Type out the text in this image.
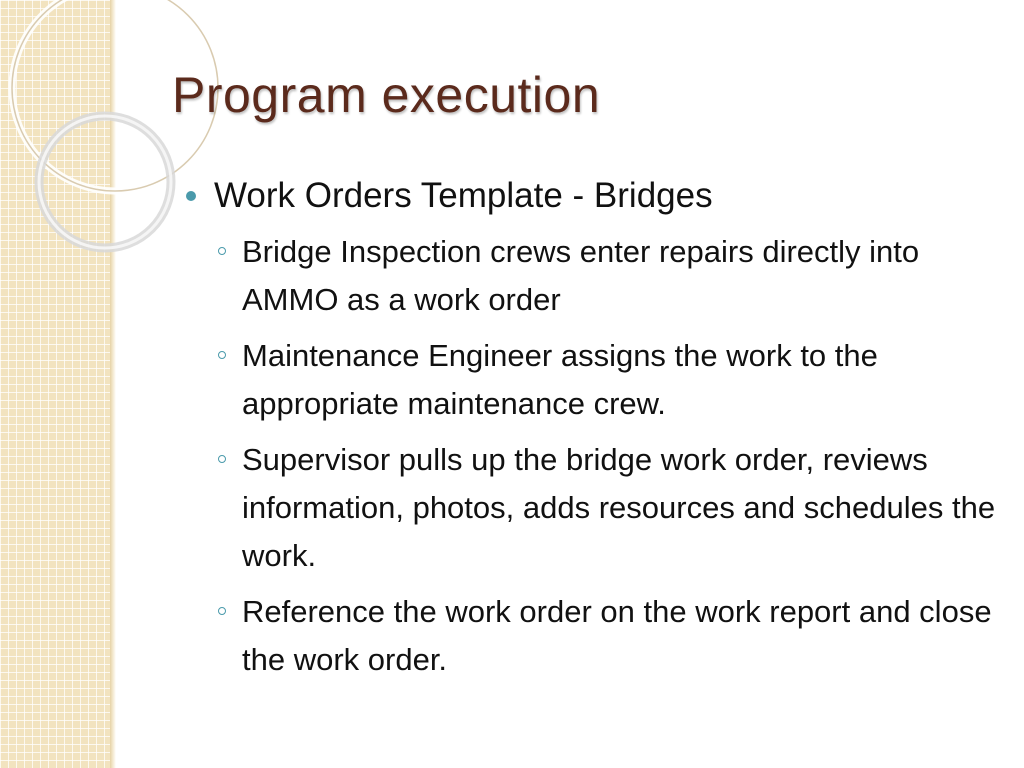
Program execution
Work Orders Template - Bridges
Bridge Inspection crews enter repairs directly into AMMO as a work order
Maintenance Engineer assigns the work to the appropriate maintenance crew.
Supervisor pulls up the bridge work order, reviews information, photos, adds resources and schedules the work.
Reference the work order on the work report and close the work order.
